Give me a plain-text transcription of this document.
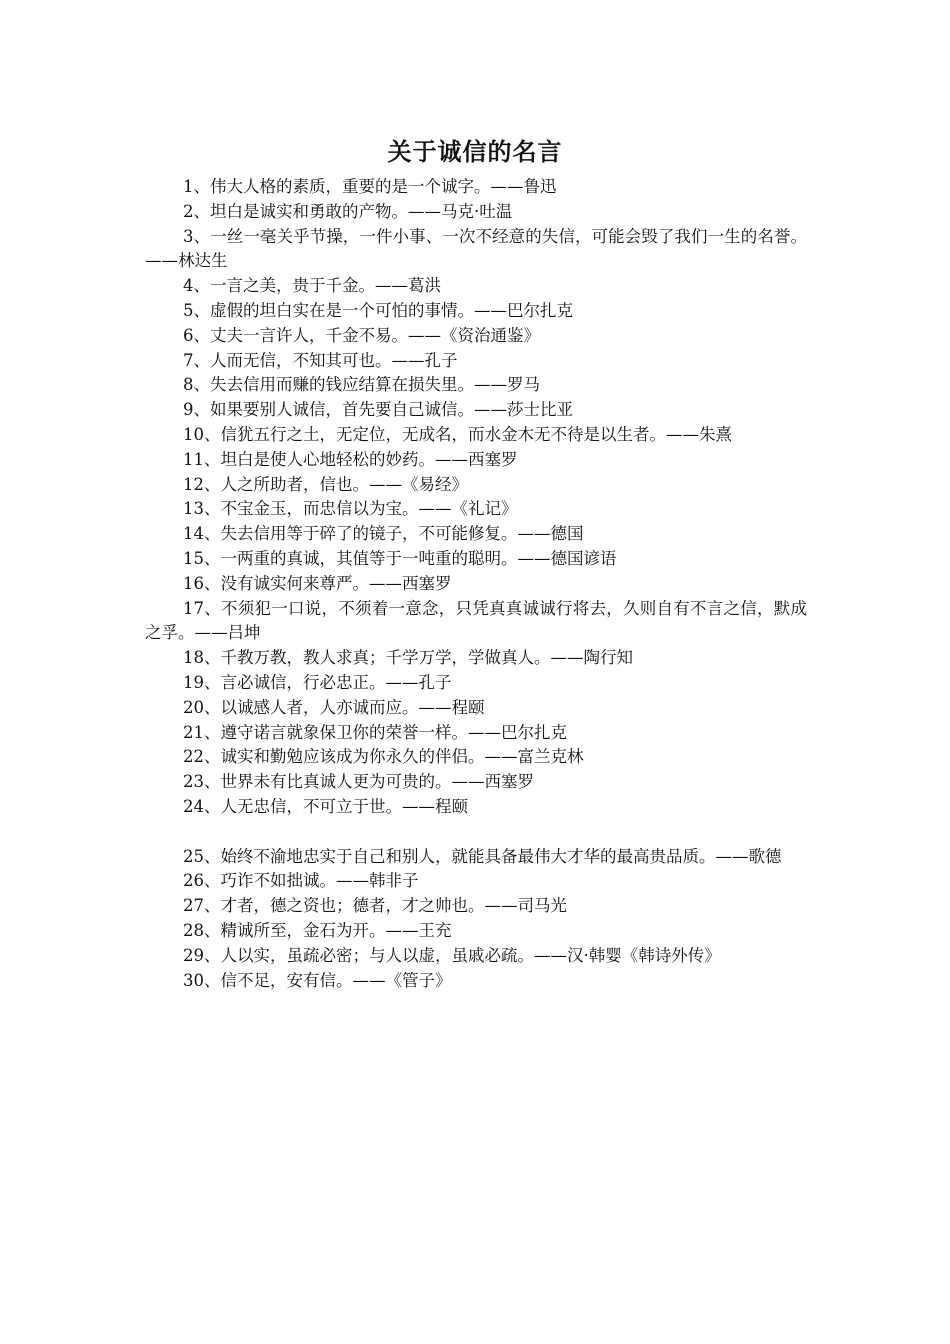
关于诚信的名言

1、伟大人格的素质，重要的是一个诚字。——鲁迅

2、坦白是诚实和勇敢的产物。——马克·吐温

3、一丝一毫关乎节操，一件小事、一次不经意的失信，可能会毁了我们一生的名誉。——林达生

4、一言之美，贵于千金。——葛洪

5、虚假的坦白实在是一个可怕的事情。——巴尔扎克

6、丈夫一言许人，千金不易。——《资治通鉴》

7、人而无信，不知其可也。——孔子

8、失去信用而赚的钱应结算在损失里。——罗马

9、如果要别人诚信，首先要自己诚信。——莎士比亚

10、信犹五行之土，无定位，无成名，而水金木无不待是以生者。——朱熹

11、坦白是使人心地轻松的妙药。——西塞罗

12、人之所助者，信也。——《易经》

13、不宝金玉，而忠信以为宝。——《礼记》

14、失去信用等于碎了的镜子，不可能修复。——德国

15、一两重的真诚，其值等于一吨重的聪明。——德国谚语

16、没有诚实何来尊严。——西塞罗

17、不须犯一口说，不须着一意念，只凭真真诚诚行将去，久则自有不言之信，默成之孚。——吕坤

18、千教万教，教人求真；千学万学，学做真人。——陶行知

19、言必诚信，行必忠正。——孔子

20、以诚感人者，人亦诚而应。——程颐

21、遵守诺言就象保卫你的荣誉一样。——巴尔扎克

22、诚实和勤勉应该成为你永久的伴侣。——富兰克林

23、世界未有比真诚人更为可贵的。——西塞罗

24、人无忠信，不可立于世。——程颐

25、始终不渝地忠实于自己和别人，就能具备最伟大才华的最高贵品质。——歌德

26、巧诈不如拙诚。——韩非子

27、才者，德之资也；德者，才之帅也。——司马光

28、精诚所至，金石为开。——王充

29、人以实，虽疏必密；与人以虚，虽戚必疏。——汉·韩婴《韩诗外传》

30、信不足，安有信。——《管子》
